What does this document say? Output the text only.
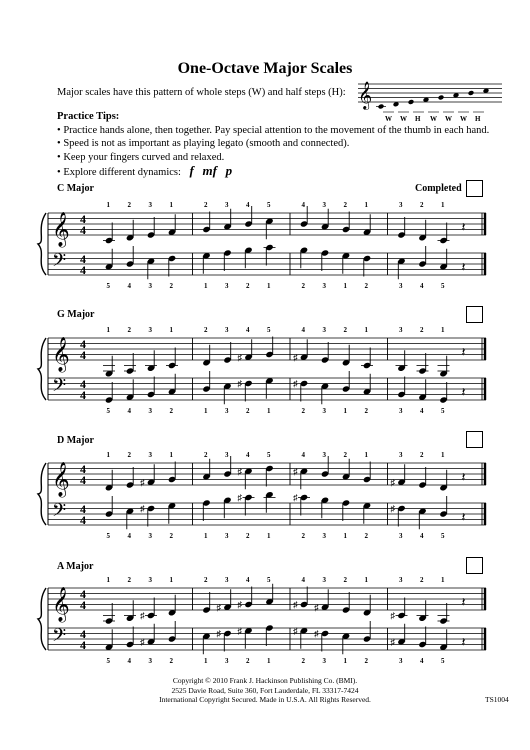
One-Octave Major Scales
Major scales have this pattern of whole steps (W) and half steps (H): 𝄞
W W H W W W H
Practice Tips:
• Practice hands alone, then together. Pay special attention to the movement of the thumb in each hand.
• Speed is not as important as playing legato (smooth and connected).
• Keep your fingers curved and relaxed.
• Explore different dynamics: f mf p
Completed
C Major
𝄞 4
4
𝄢 4
4
1
5
2
4
3
3
1
2
2
1
3
3
4
2
5
1
4
2
3
3
2
1
1
2
3
3
2
4
1
5
𝄽
𝄽
G Major
𝄞 4
4
𝄢 4
4
1
5
2
4
3
3
1
2
2
1
3
3
♯
4
♯
2
5
1
♯
4
♯
2
3
3
2
1
1
2
3
3
2
4
1
5
𝄽
𝄽
D Major
𝄞 4
4
𝄢 4
4
1
5
2
4
♯
3
♯
3
1
2
2
1
3
3
♯
4
♯
2
5
1
♯
4
♯
2
3
3
2
1
1
2
♯
3
♯
3
2
4
1
5
𝄽
𝄽
A Major
𝄞 4
4
𝄢 4
4
1
5
2
4
♯
3
♯
3
1
2
2
1
♯
3
♯
3
♯
4
♯
2
5
1
♯
4
♯
2
♯
3
♯
3
2
1
1
2
♯
3
♯
3
2
4
1
5
𝄽
𝄽
Copyright © 2010 Frank J. Hackinson Publishing Co. (BMI).
2525 Davie Road, Suite 360, Fort Lauderdale, FL 33317-7424
International Copyright Secured. Made in U.S.A. All Rights Reserved.	TS1004
